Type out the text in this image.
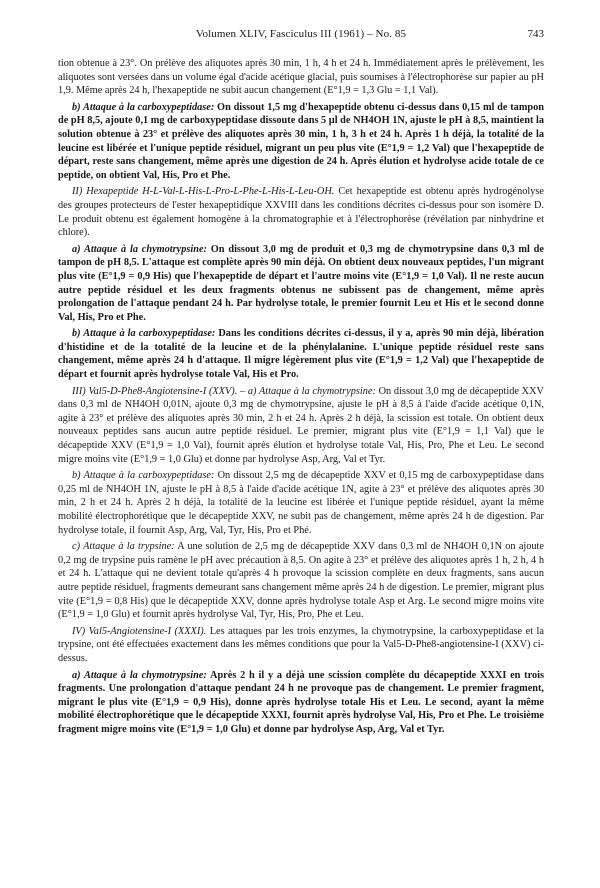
Volumen XLIV, Fasciculus III (1961) – No. 85	743

tion obtenue à 23°. On prélève des aliquotes après 30 min, 1 h, 4 h et 24 h. Immédiatement après le prélèvement, les aliquotes sont versées dans un volume égal d'acide acétique glacial, puis soumises à l'électrophorèse sur papier au pH 1,9. Même après 24 h, l'hexapeptide ne subit aucun changement (E°1,9 = 1,3 Glu = 1,1 Val).

b) Attaque à la carboxypeptidase: On dissout 1,5 mg d'hexapeptide obtenu ci-dessus dans 0,15 ml de tampon de pH 8,5, ajoute 0,1 mg de carboxypeptidase dissoute dans 5 µl de NH4OH 1N, ajuste le pH à 8,5, maintient la solution obtenue à 23° et prélève des aliquotes après 30 min, 1 h, 3 h et 24 h. Après 1 h déjà, la totalité de la leucine est libérée et l'unique peptide résiduel, migrant un peu plus vite (E°1,9 = 1,2 Val) que l'hexapeptide de départ, reste sans changement, même après une digestion de 24 h. Après élution et hydrolyse acide totale de ce peptide, on obtient Val, His, Pro et Phe.

II) Hexapeptide H-L-Val-L-His-L-Pro-L-Phe-L-His-L-Leu-OH. Cet hexapeptide est obtenu après hydrogénolyse des groupes protecteurs de l'ester hexapeptidique XXVIII dans les conditions décrites ci-dessus pour son isomère D. Le produit obtenu est également homogène à la chromatographie et à l'électrophorèse (révélation par ninhydrine et chlore).

a) Attaque à la chymotrypsine: On dissout 3,0 mg de produit et 0,3 mg de chymotrypsine dans 0,3 ml de tampon de pH 8,5. L'attaque est complète après 90 min déjà. On obtient deux nouveaux peptides, l'un migrant plus vite (E°1,9 = 0,9 His) que l'hexapeptide de départ et l'autre moins vite (E°1,9 = 1,0 Val). Il ne reste aucun autre peptide résiduel et les deux fragments obtenus ne subissent pas de changement, même après prolongation de l'attaque pendant 24 h. Par hydrolyse totale, le premier fournit Leu et His et le second donne Val, His, Pro et Phe.

b) Attaque à la carboxypeptidase: Dans les conditions décrites ci-dessus, il y a, après 90 min déjà, libération d'histidine et de la totalité de la leucine et de la phénylalanine. L'unique peptide résiduel reste sans changement, même après 24 h d'attaque. Il migre légèrement plus vite (E°1,9 = 1,2 Val) que l'hexapeptide de départ et fournit après hydrolyse totale Val, His et Pro.

III) Val5-D-Phe8-Angiotensine-I (XXV). – a) Attaque à la chymotrypsine: On dissout 3,0 mg de décapeptide XXV dans 0,3 ml de NH4OH 0,01N, ajoute 0,3 mg de chymotrypsine, ajuste le pH à 8,5 à l'aide d'acide acétique 0,1N, agite à 23° et prélève des aliquotes après 30 min, 2 h et 24 h. Après 2 h déjà, la scission est totale. On obtient deux nouveaux peptides sans aucun autre peptide résiduel. Le premier, migrant plus vite (E°1,9 = 1,1 Val) que le décapeptide XXV (E°1,9 = 1,0 Val), fournit après élution et hydrolyse totale Val, His, Pro, Phe et Leu. Le second migre moins vite (E°1,9 = 1,0 Glu) et donne par hydrolyse Asp, Arg, Val et Tyr.

b) Attaque à la carboxypeptidase: On dissout 2,5 mg de décapeptide XXV et 0,15 mg de carboxypeptidase dans 0,25 ml de NH4OH 1N, ajuste le pH à 8,5 à l'aide d'acide acétique 1N, agite à 23° et prélève des aliquotes après 30 min, 2 h et 24 h. Après 2 h déjà, la totalité de la leucine est libérée et l'unique peptide résiduel, ayant la même mobilité électrophorétique que le décapeptide XXV, ne subit pas de changement, même après 24 h de digestion. Par hydrolyse totale, il fournit Asp, Arg, Val, Tyr, His, Pro et Phé.

c) Attaque à la trypsine: A une solution de 2,5 mg de décapeptide XXV dans 0,3 ml de NH4OH 0,1N on ajoute 0,2 mg de trypsine puis ramène le pH avec précaution à 8,5. On agite à 23° et prélève des aliquotes après 1 h, 2 h, 4 h et 24 h. L'attaque qui ne devient totale qu'après 4 h provoque la scission complète en deux fragments, sans aucun autre peptide résiduel, fragments demeurant sans changement même après 24 h de digestion. Le premier, migrant plus vite (E°1,9 = 0,8 His) que le décapeptide XXV, donne après hydrolyse totale Asp et Arg. Le second migre moins vite (E°1,9 = 1,0 Glu) et fournit après hydrolyse Val, Tyr, His, Pro, Phe et Leu.

IV) Val5-Angiotensine-I (XXXI). Les attaques par les trois enzymes, la chymotrypsine, la carboxypeptidase et la trypsine, ont été effectuées exactement dans les mêmes conditions que pour la Val5-D-Phe8-angiotensine-I (XXV) ci-dessus.

a) Attaque à la chymotrypsine: Après 2 h il y a déjà une scission complète du décapeptide XXXI en trois fragments. Une prolongation d'attaque pendant 24 h ne provoque pas de changement. Le premier fragment, migrant le plus vite (E°1,9 = 0,9 His), donne après hydrolyse totale His et Leu. Le second, ayant la même mobilité électrophorétique que le décapeptide XXXI, fournit après hydrolyse Val, His, Pro et Phe. Le troisième fragment migre moins vite (E°1,9 = 1,0 Glu) et donne par hydrolyse Asp, Arg, Val et Tyr.
